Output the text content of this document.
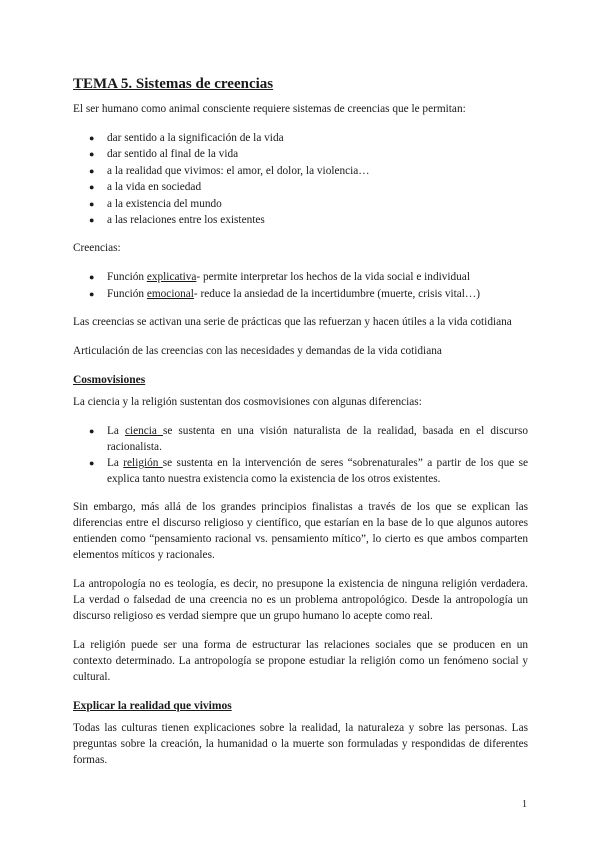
TEMA 5. Sistemas de creencias

El ser humano como animal consciente requiere sistemas de creencias que le permitan:

● dar sentido a la significación de la vida
● dar sentido al final de la vida
● a la realidad que vivimos: el amor, el dolor, la violencia…
● a la vida en sociedad
● a la existencia del mundo
● a las relaciones entre los existentes

Creencias:

● Función explicativa- permite interpretar los hechos de la vida social e individual
● Función emocional- reduce la ansiedad de la incertidumbre (muerte, crisis vital…)

Las creencias se activan una serie de prácticas que las refuerzan y hacen útiles a la vida cotidiana

Articulación de las creencias con las necesidades y demandas de la vida cotidiana

Cosmovisiones

La ciencia y la religión sustentan dos cosmovisiones con algunas diferencias:

● La ciencia se sustenta en una visión naturalista de la realidad, basada en el discurso racionalista.
● La religión se sustenta en la intervención de seres “sobrenaturales” a partir de los que se explica tanto nuestra existencia como la existencia de los otros existentes.

Sin embargo, más allá de los grandes principios finalistas a través de los que se explican las diferencias entre el discurso religioso y científico, que estarían en la base de lo que algunos autores entienden como “pensamiento racional vs. pensamiento mítico”, lo cierto es que ambos comparten elementos míticos y racionales.

La antropología no es teología, es decir, no presupone la existencia de ninguna religión verdadera. La verdad o falsedad de una creencia no es un problema antropológico. Desde la antropología un discurso religioso es verdad siempre que un grupo humano lo acepte como real.

La religión puede ser una forma de estructurar las relaciones sociales que se producen en un contexto determinado. La antropología se propone estudiar la religión como un fenómeno social y cultural.

Explicar la realidad que vivimos

Todas las culturas tienen explicaciones sobre la realidad, la naturaleza y sobre las personas. Las preguntas sobre la creación, la humanidad o la muerte son formuladas y respondidas de diferentes formas.

1
